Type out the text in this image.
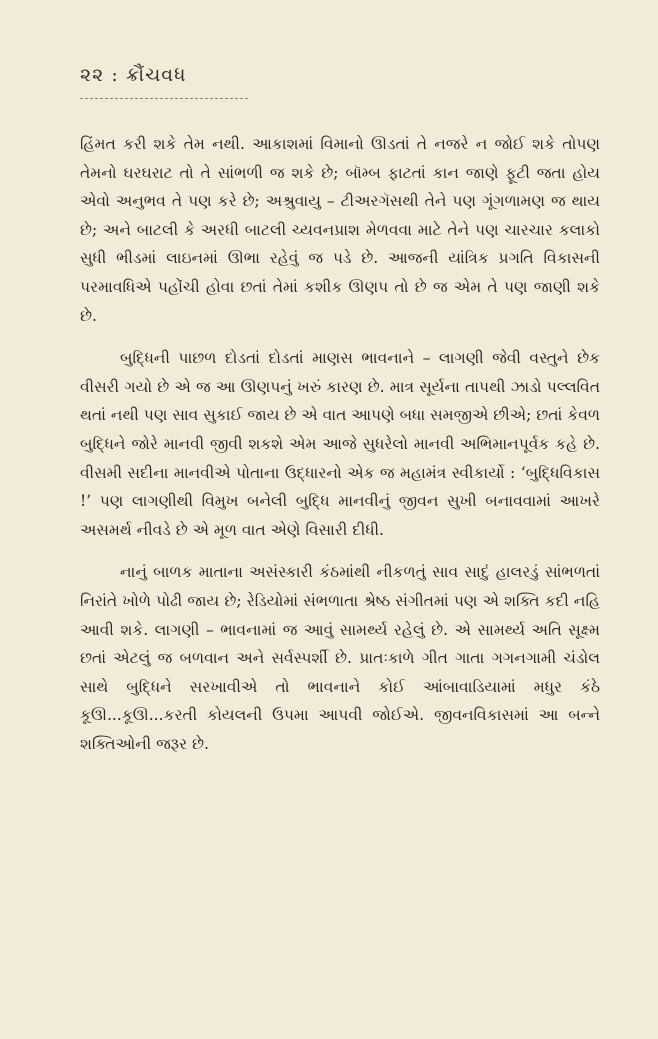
૨૨ : ક્રૌંચવધ

હિંમત કરી શકે તેમ નથી. આકાશમાં વિમાનો ઊડતાં તે નજરે ન જોઈ શકે તોપણ તેમનો ઘરઘરાટ તો તે સાંભળી જ શકે છે; બૉમ્બ ફાટતાં કાન જાણે ફૂટી જતા હોય એવો અનુભવ તે પણ કરે છે; અશ્રુવાયુ – ટીઅરગૅસથી તેને પણ ગૂંગળામણ જ થાય છે; અને બાટલી કે અરધી બાટલી ચ્યવનપ્રાશ મેળવવા માટે તેને પણ ચારચાર કલાકો સુધી ભીડમાં લાઇનમાં ઊભા રહેવું જ પડે છે. આજની યાંત્રિક પ્રગતિ વિકાસની પરમાવધિએ પહોંચી હોવા છતાં તેમાં કશીક ઊણપ તો છે જ એમ તે પણ જાણી શકે છે.

બુદ્ધિની પાછળ દોડતાં દોડતાં માણસ ભાવનાને – લાગણી જેવી વસ્તુને છેક વીસરી ગયો છે એ જ આ ઊણપનું ખરું કારણ છે. માત્ર સૂર્યના તાપથી ઝાડો પલ્લવિત થતાં નથી પણ સાવ સુકાઈ જાય છે એ વાત આપણે બધા સમજીએ છીએ; છતાં કેવળ બુદ્ધિને જોરે માનવી જીવી શકશે એમ આજે સુધરેલો માનવી અભિમાનપૂર્વક કહે છે. વીસમી સદીના માનવીએ પોતાના ઉદ્ધારનો એક જ મહામંત્ર સ્વીકાર્યો : ‘બુદ્ધિવિકાસ !’ પણ લાગણીથી વિમુખ બનેલી બુદ્ધિ માનવીનું જીવન સુખી બનાવવામાં આખરે અસમર્થ નીવડે છે એ મૂળ વાત એણે વિસારી દીધી.

નાનું બાળક માતાના અસંસ્કારી કંઠમાંથી નીકળતું સાવ સાદું હાલરડું સાંભળતાં નિરાંતે ખોળે પોઢી જાય છે; રેડિયોમાં સંભળાતા શ્રેષ્ઠ સંગીતમાં પણ એ શક્તિ કદી નહિ આવી શકે. લાગણી – ભાવનામાં જ આવું સામર્થ્ય રહેલું છે. એ સામર્થ્ય અતિ સૂક્ષ્મ છતાં એટલું જ બળવાન અને સર્વસ્પર્શી છે. પ્રાતઃકાળે ગીત ગાતા ગગનગામી ચંડોલ સાથે બુદ્ધિને સરખાવીએ તો ભાવનાને કોઈ આંબાવાડિયામાં મધુર કંઠે કૂઊ...કૂઊ...કરતી કોયલની ઉપમા આપવી જોઈએ. જીવનવિકાસમાં આ બન્ને શક્તિઓની જરૂર છે.
